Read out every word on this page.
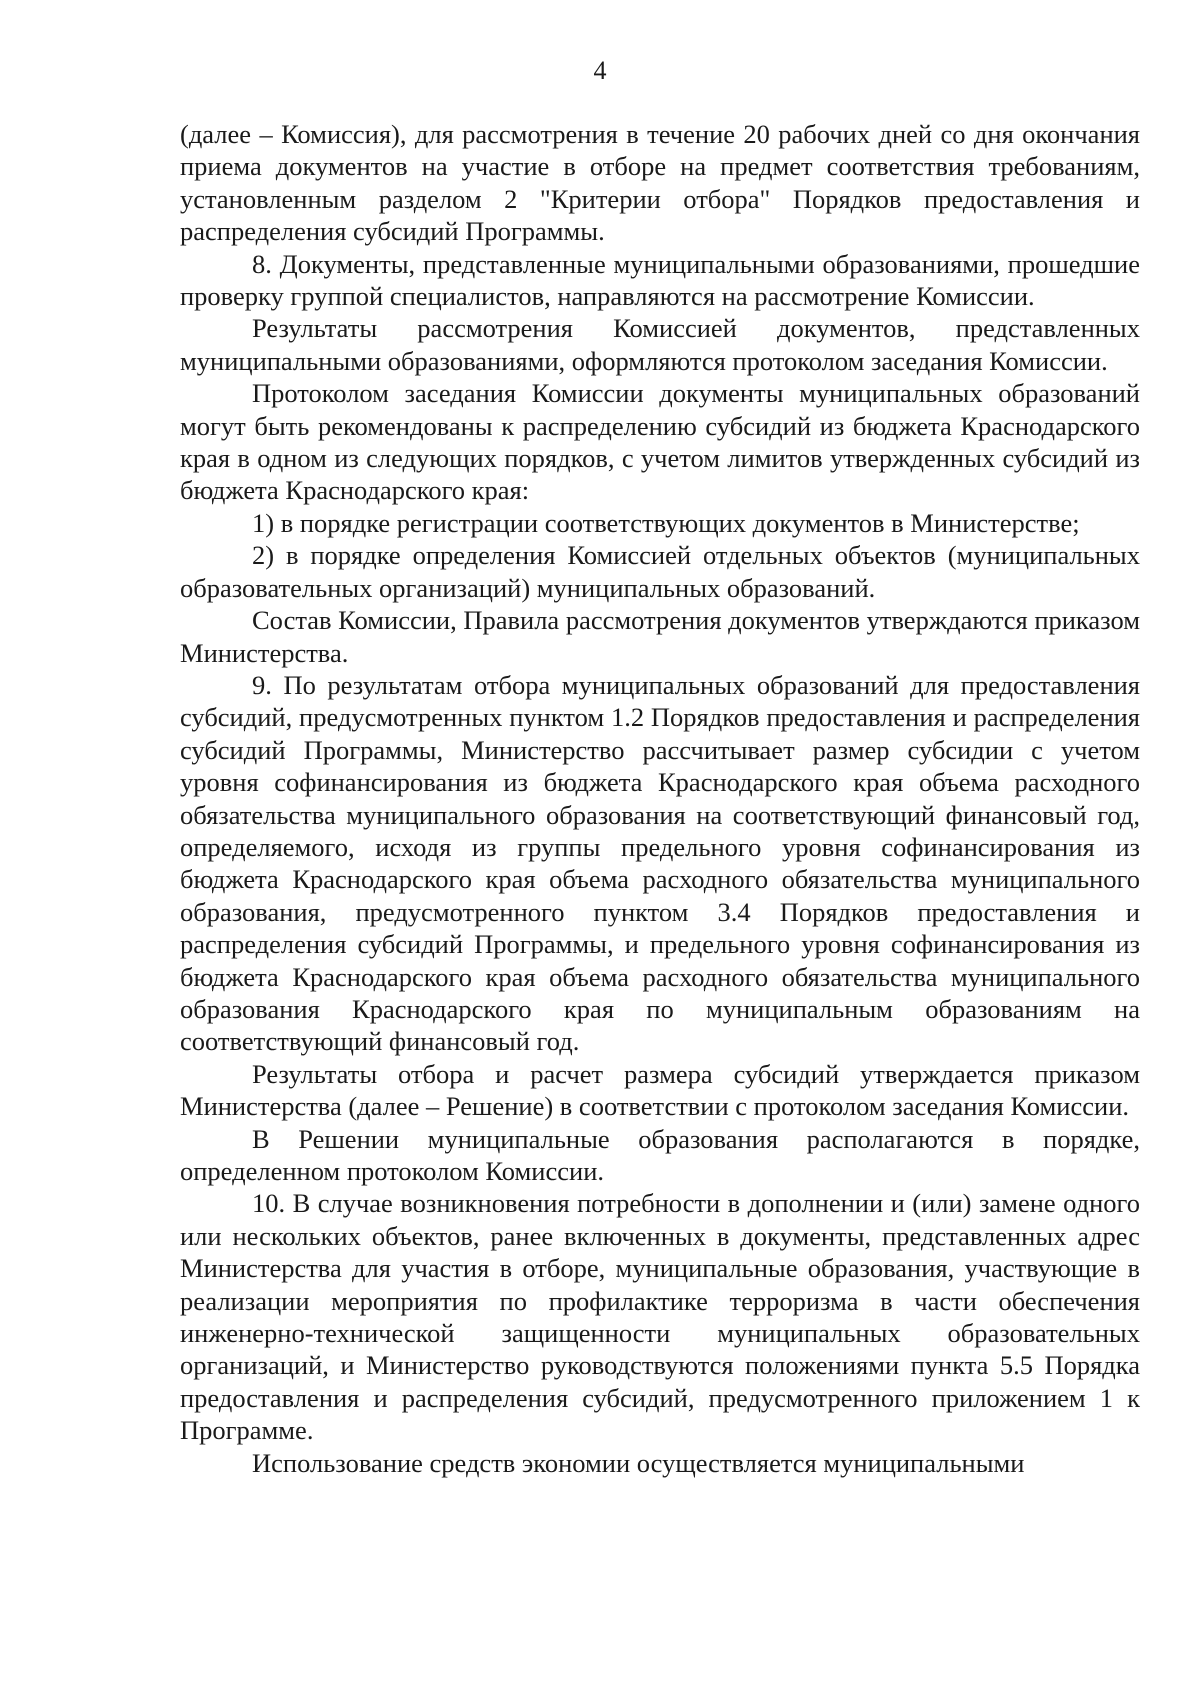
4

(далее – Комиссия), для рассмотрения в течение 20 рабочих дней со дня окончания приема документов на участие в отборе на предмет соответствия требованиям, установленным разделом 2 "Критерии отбора" Порядков предоставления и распределения субсидий Программы.

8. Документы, представленные муниципальными образованиями, прошедшие проверку группой специалистов, направляются на рассмотрение Комиссии.

Результаты рассмотрения Комиссией документов, представленных муниципальными образованиями, оформляются протоколом заседания Комиссии.

Протоколом заседания Комиссии документы муниципальных образований могут быть рекомендованы к распределению субсидий из бюджета Краснодарского края в одном из следующих порядков, с учетом лимитов утвержденных субсидий из бюджета Краснодарского края:

1) в порядке регистрации соответствующих документов в Министерстве;

2) в порядке определения Комиссией отдельных объектов (муниципальных образовательных организаций) муниципальных образований.

Состав Комиссии, Правила рассмотрения документов утверждаются приказом Министерства.

9. По результатам отбора муниципальных образований для предоставления субсидий, предусмотренных пунктом 1.2 Порядков предоставления и распределения субсидий Программы, Министерство рассчитывает размер субсидии с учетом уровня софинансирования из бюджета Краснодарского края объема расходного обязательства муниципального образования на соответствующий финансовый год, определяемого, исходя из группы предельного уровня софинансирования из бюджета Краснодарского края объема расходного обязательства муниципального образования, предусмотренного пунктом 3.4 Порядков предоставления и распределения субсидий Программы, и предельного уровня софинансирования из бюджета Краснодарского края объема расходного обязательства муниципального образования Краснодарского края по муниципальным образованиям на соответствующий финансовый год.

Результаты отбора и расчет размера субсидий утверждается приказом Министерства (далее – Решение) в соответствии с протоколом заседания Комиссии.

В Решении муниципальные образования располагаются в порядке, определенном протоколом Комиссии.

10. В случае возникновения потребности в дополнении и (или) замене одного или нескольких объектов, ранее включенных в документы, представленных адрес Министерства для участия в отборе, муниципальные образования, участвующие в реализации мероприятия по профилактике терроризма в части обеспечения инженерно-технической защищенности муниципальных образовательных организаций, и Министерство руководствуются положениями пункта 5.5 Порядка предоставления и распределения субсидий, предусмотренного приложением 1 к Программе.

Использование средств экономии осуществляется муниципальными
